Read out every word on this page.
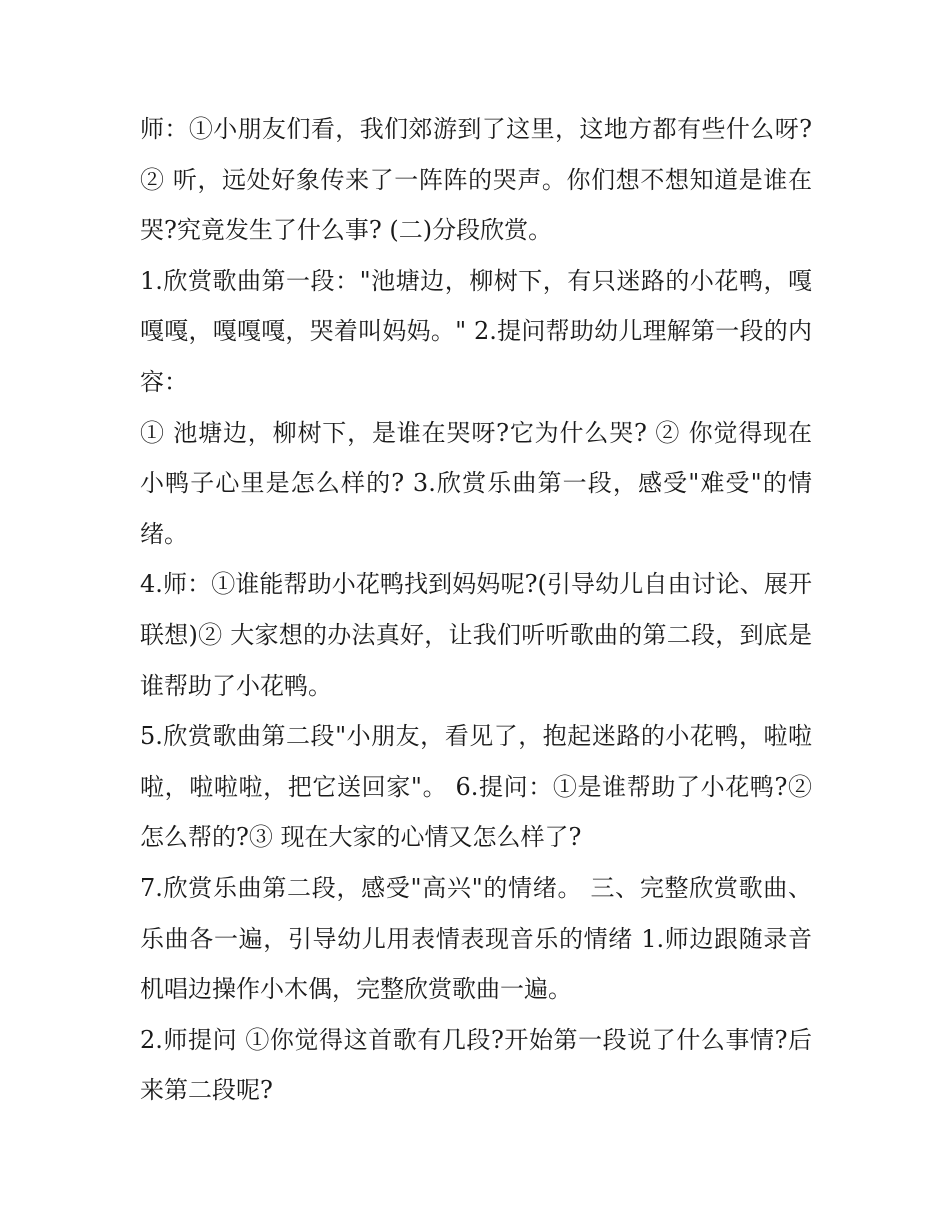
师：①小朋友们看，我们郊游到了这里，这地方都有些什么呀?② 听，远处好象传来了一阵阵的哭声。你们想不想知道是谁在哭?究竟发生了什么事? (二)分段欣赏。

1.欣赏歌曲第一段："池塘边，柳树下，有只迷路的小花鸭，嘎嘎嘎，嘎嘎嘎，哭着叫妈妈。" 2.提问帮助幼儿理解第一段的内容：

① 池塘边，柳树下，是谁在哭呀?它为什么哭? ② 你觉得现在小鸭子心里是怎么样的? 3.欣赏乐曲第一段，感受"难受"的情绪。

4.师：①谁能帮助小花鸭找到妈妈呢?(引导幼儿自由讨论、展开联想)② 大家想的办法真好，让我们听听歌曲的第二段，到底是谁帮助了小花鸭。

5.欣赏歌曲第二段"小朋友，看见了，抱起迷路的小花鸭，啦啦啦，啦啦啦，把它送回家"。 6.提问：①是谁帮助了小花鸭?② 怎么帮的?③ 现在大家的心情又怎么样了?

7.欣赏乐曲第二段，感受"高兴"的情绪。 三、完整欣赏歌曲、乐曲各一遍，引导幼儿用表情表现音乐的情绪 1.师边跟随录音机唱边操作小木偶，完整欣赏歌曲一遍。

2.师提问 ①你觉得这首歌有几段?开始第一段说了什么事情?后来第二段呢?
